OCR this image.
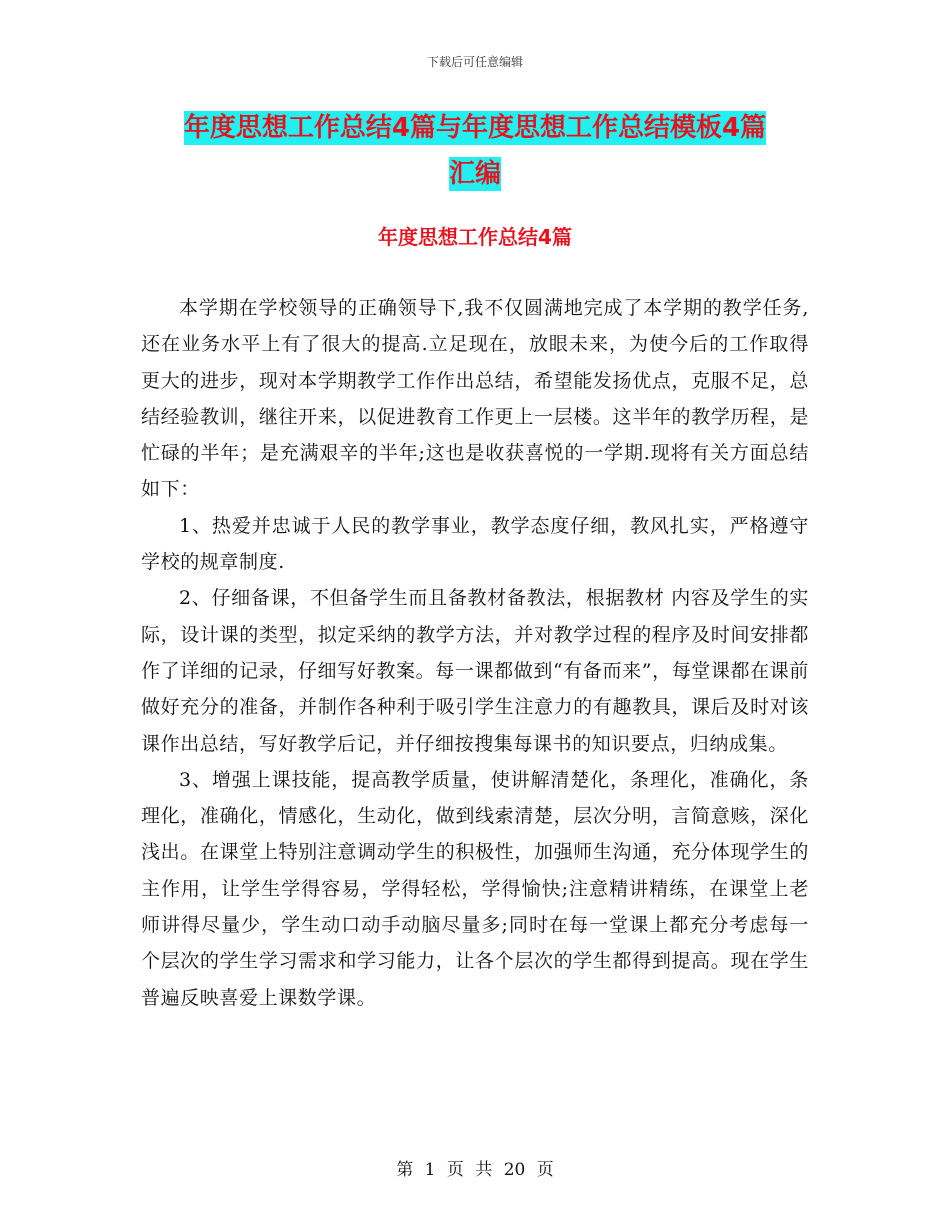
下载后可任意编辑
年度思想工作总结4篇与年度思想工作总结模板4篇
汇编
年度思想工作总结4篇

本学期在学校领导的正确领导下,我不仅圆满地完成了本学期的教学任务,还在业务水平上有了很大的提高.立足现在，放眼未来，为使今后的工作取得更大的进步，现对本学期教学工作作出总结，希望能发扬优点，克服不足，总结经验教训，继往开来，以促进教育工作更上一层楼。这半年的教学历程，是忙碌的半年；是充满艰辛的半年;这也是收获喜悦的一学期.现将有关方面总结如下：

1、热爱并忠诚于人民的教学事业，教学态度仔细，教风扎实，严格遵守学校的规章制度.

2、仔细备课，不但备学生而且备教材备教法，根据教材 内容及学生的实际，设计课的类型，拟定采纳的教学方法，并对教学过程的程序及时间安排都作了详细的记录，仔细写好教案。每一课都做到“有备而来”，每堂课都在课前做好充分的准备，并制作各种利于吸引学生注意力的有趣教具，课后及时对该课作出总结，写好教学后记，并仔细按搜集每课书的知识要点，归纳成集。

3、增强上课技能，提高教学质量，使讲解清楚化，条理化，准确化，条理化，准确化，情感化，生动化，做到线索清楚，层次分明，言简意赅，深化浅出。在课堂上特别注意调动学生的积极性，加强师生沟通，充分体现学生的主作用，让学生学得容易，学得轻松，学得愉快;注意精讲精练，在课堂上老师讲得尽量少，学生动口动手动脑尽量多;同时在每一堂课上都充分考虑每一个层次的学生学习需求和学习能力，让各个层次的学生都得到提高。现在学生普遍反映喜爱上课数学课。

第 1 页 共 20 页
